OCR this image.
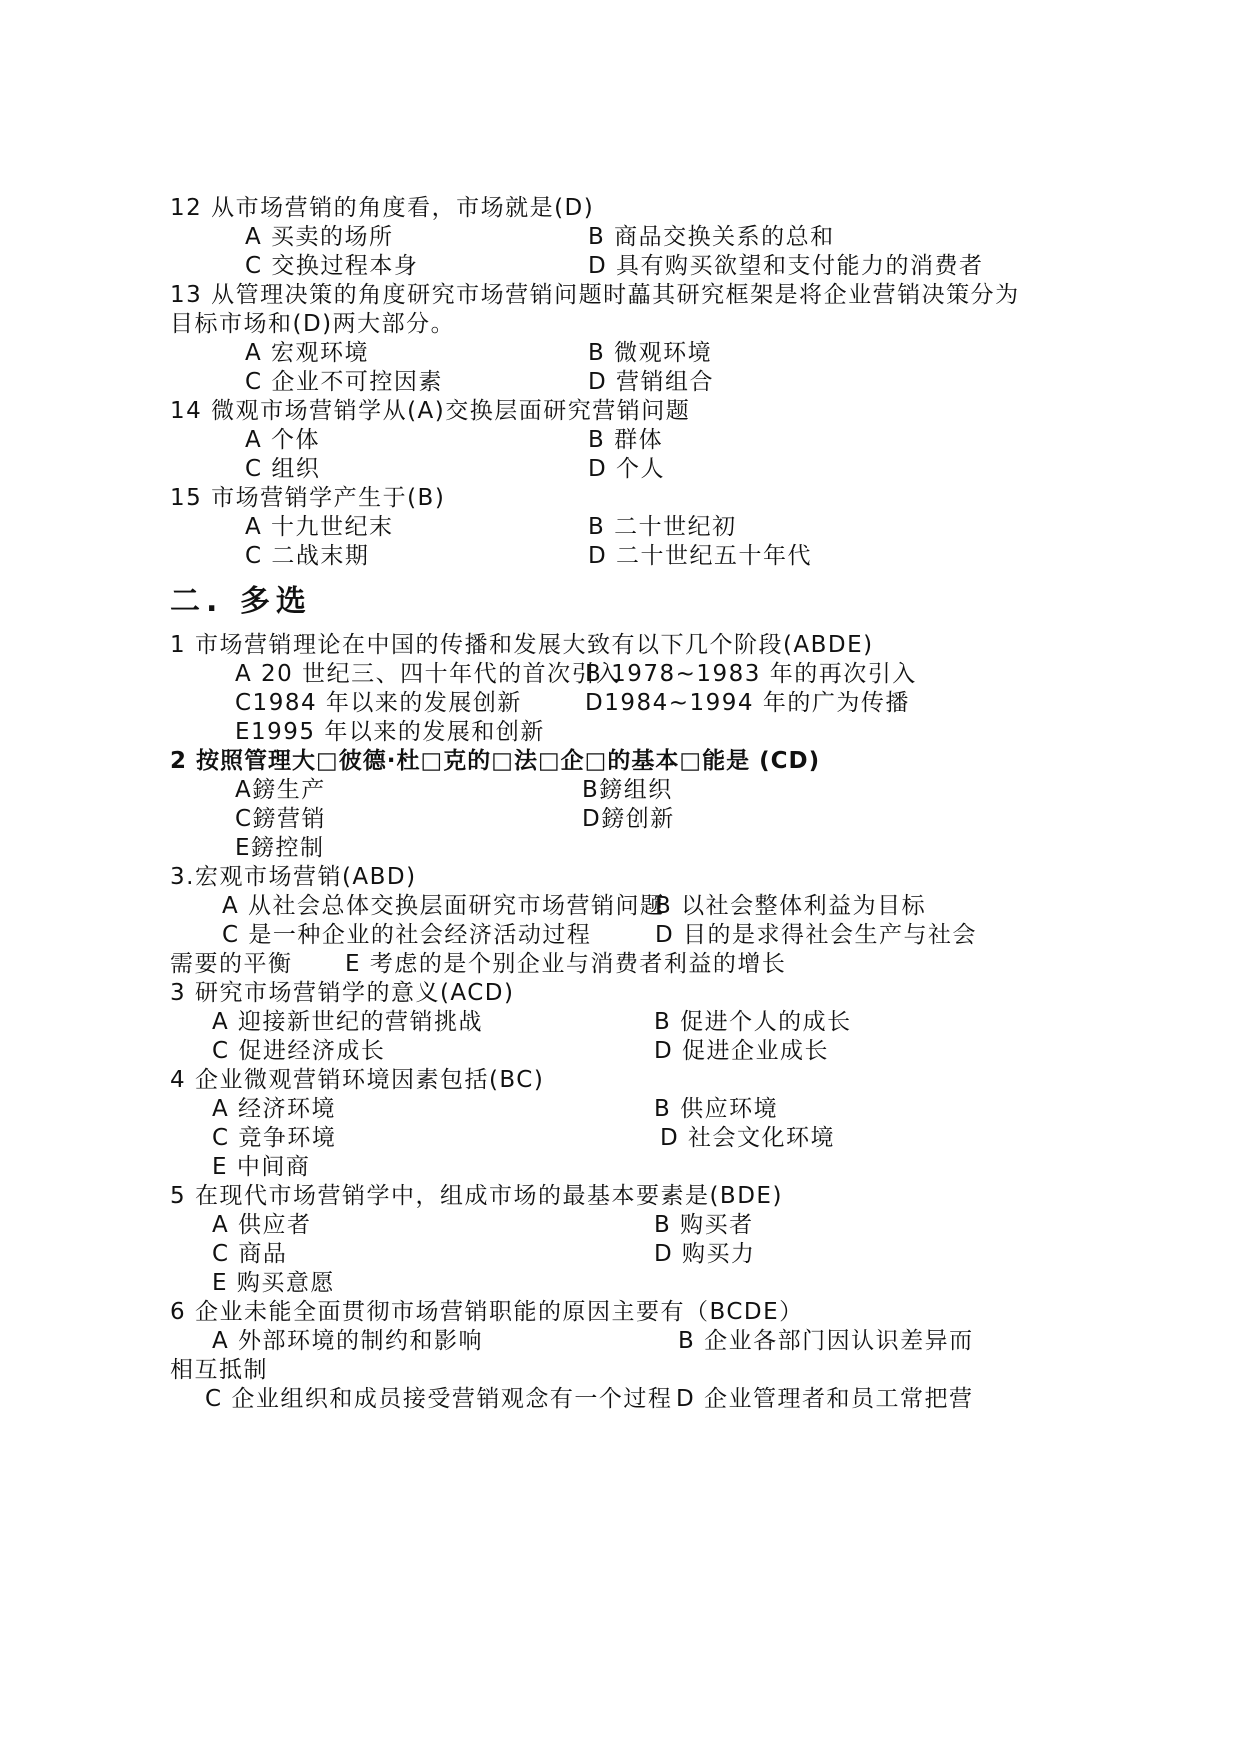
12 从市场营销的角度看，市场就是(D)
A 买卖的场所	B 商品交换关系的总和
C 交换过程本身	D 具有购买欲望和支付能力的消费者
13 从管理决策的角度研究市场营销问题时藟其研究框架是将企业营销决策分为
目标市场和(D)两大部分。
A 宏观环境	B 微观环境
C 企业不可控因素	D 营销组合
14 微观市场营销学从(A)交换层面研究营销问题
A 个体	B 群体
C 组织	D 个人
15 市场营销学产生于(B)
A 十九世纪末	B 二十世纪初
C 二战末期	D 二十世纪五十年代
二. 多选
1 市场营销理论在中国的传播和发展大致有以下几个阶段(ABDE)
A 20 世纪三、四十年代的首次引入
B 1978~1983 年的再次引入
C1984 年以来的发展创新	D1984~1994 年的广为传播
E1995 年以来的发展和创新
2 按照管理大□彼德·杜□克的□法□企□的基本□能是 (CD)
A鎊生产	B鎊组织
C鎊营销	D鎊创新
E鎊控制
3.宏观市场营销(ABD)
A 从社会总体交换层面研究市场营销问题
B 以社会整体利益为目标
C 是一种企业的社会经济活动过程	D 目的是求得社会生产与社会
需要的平衡 E 考虑的是个别企业与消费者利益的增长
3 研究市场营销学的意义(ACD)
A 迎接新世纪的营销挑战	B 促进个人的成长
C 促进经济成长	D 促进企业成长
4 企业微观营销环境因素包括(BC)
A 经济环境	B 供应环境
C 竞争环境	D 社会文化环境
E 中间商
5 在现代市场营销学中，组成市场的最基本要素是(BDE)
A 供应者	B 购买者
C 商品	D 购买力
E 购买意愿
6 企业未能全面贯彻市场营销职能的原因主要有（BCDE）
A 外部环境的制约和影响	B 企业各部门因认识差异而
相互抵制
C 企业组织和成员接受营销观念有一个过程 D 企业管理者和员工常把营
